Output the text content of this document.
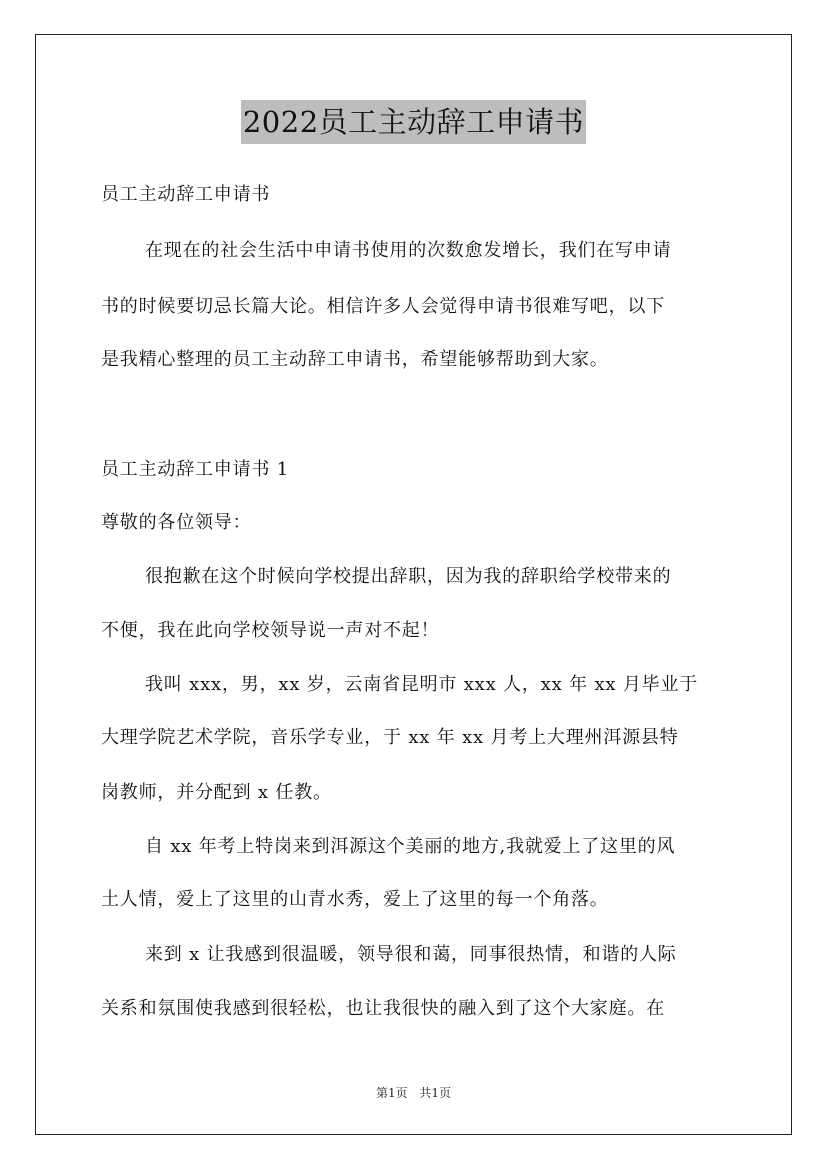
2022员工主动辞工申请书
员工主动辞工申请书
在现在的社会生活中申请书使用的次数愈发增长，我们在写申请
书的时候要切忌长篇大论。相信许多人会觉得申请书很难写吧，以下
是我精心整理的员工主动辞工申请书，希望能够帮助到大家。
员工主动辞工申请书 1
尊敬的各位领导：
很抱歉在这个时候向学校提出辞职，因为我的辞职给学校带来的
不便，我在此向学校领导说一声对不起！
我叫 xxx，男，xx 岁，云南省昆明市 xxx 人，xx 年 xx 月毕业于
大理学院艺术学院，音乐学专业，于 xx 年 xx 月考上大理州洱源县特
岗教师，并分配到 x 任教。
自 xx 年考上特岗来到洱源这个美丽的地方,我就爱上了这里的风
土人情，爱上了这里的山青水秀，爱上了这里的每一个角落。
来到 x 让我感到很温暖，领导很和蔼，同事很热情，和谐的人际
关系和氛围使我感到很轻松，也让我很快的融入到了这个大家庭。在
第1页 共1页
